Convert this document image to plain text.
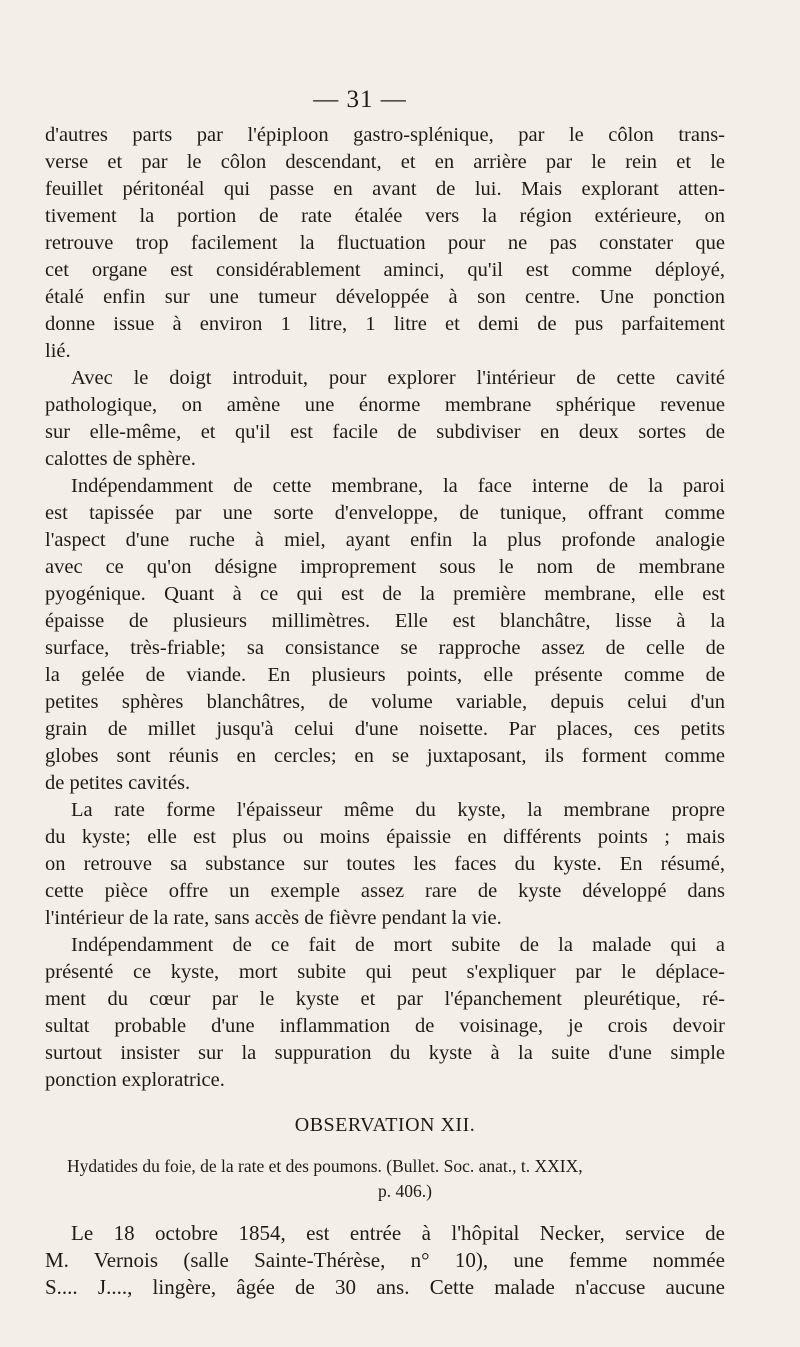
— 31 —
d'autres parts par l'épiploon gastro-splénique, par le côlon trans-
verse et par le côlon descendant, et en arrière par le rein et le
feuillet péritonéal qui passe en avant de lui. Mais explorant atten-
tivement la portion de rate étalée vers la région extérieure, on
retrouve trop facilement la fluctuation pour ne pas constater que
cet organe est considérablement aminci, qu'il est comme déployé,
étalé enfin sur une tumeur développée à son centre. Une ponction
donne issue à environ 1 litre, 1 litre et demi de pus parfaitement
lié.
Avec le doigt introduit, pour explorer l'intérieur de cette cavité
pathologique, on amène une énorme membrane sphérique revenue
sur elle-même, et qu'il est facile de subdiviser en deux sortes de
calottes de sphère.
Indépendamment de cette membrane, la face interne de la paroi
est tapissée par une sorte d'enveloppe, de tunique, offrant comme
l'aspect d'une ruche à miel, ayant enfin la plus profonde analogie
avec ce qu'on désigne improprement sous le nom de membrane
pyogénique. Quant à ce qui est de la première membrane, elle est
épaisse de plusieurs millimètres. Elle est blanchâtre, lisse à la
surface, très-friable; sa consistance se rapproche assez de celle de
la gelée de viande. En plusieurs points, elle présente comme de
petites sphères blanchâtres, de volume variable, depuis celui d'un
grain de millet jusqu'à celui d'une noisette. Par places, ces petits
globes sont réunis en cercles; en se juxtaposant, ils forment comme
de petites cavités.
La rate forme l'épaisseur même du kyste, la membrane propre
du kyste; elle est plus ou moins épaissie en différents points ; mais
on retrouve sa substance sur toutes les faces du kyste. En résumé,
cette pièce offre un exemple assez rare de kyste développé dans
l'intérieur de la rate, sans accès de fièvre pendant la vie.
Indépendamment de ce fait de mort subite de la malade qui a
présenté ce kyste, mort subite qui peut s'expliquer par le déplace-
ment du cœur par le kyste et par l'épanchement pleurétique, ré-
sultat probable d'une inflammation de voisinage, je crois devoir
surtout insister sur la suppuration du kyste à la suite d'une simple
ponction exploratrice.
OBSERVATION XII.
Hydatides du foie, de la rate et des poumons. (Bullet. Soc. anat., t. XXIX,
p. 406.)
Le 18 octobre 1854, est entrée à l'hôpital Necker, service de
M. Vernois (salle Sainte-Thérèse, n° 10), une femme nommée
S.... J...., lingère, âgée de 30 ans. Cette malade n'accuse aucune
